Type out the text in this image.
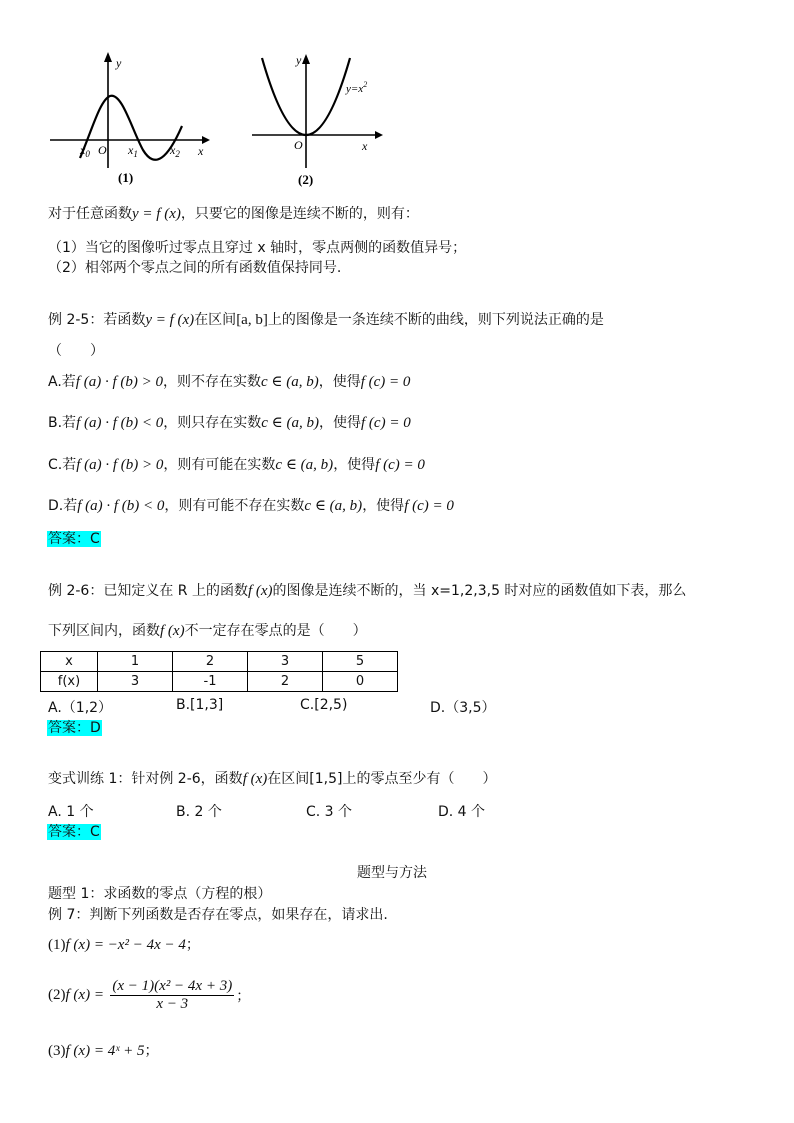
y
x
$x_0$ O $x_1$	$x_2$
(1)
y
x
O
$y=x^2$
(2)
对于任意函数y = f (x)，只要它的图像是连续不断的，则有：
（1）当它的图像听过零点且穿过 x 轴时，零点两侧的函数值异号；
（2）相邻两个零点之间的所有函数值保持同号.
例 2-5：若函数y = f (x)在区间[a, b]上的图像是一条连续不断的曲线，则下列说法正确的是
（　　）
A.若f (a) · f (b) > 0，则不存在实数c ∈ (a, b)，使得f (c) = 0
B.若f (a) · f (b) < 0，则只存在实数c ∈ (a, b)，使得f (c) = 0
C.若f (a) · f (b) > 0，则有可能在实数c ∈ (a, b)，使得f (c) = 0
D.若f (a) · f (b) < 0，则有可能不存在实数c ∈ (a, b)，使得f (c) = 0
答案：C
例 2-6：已知定义在 R 上的函数f (x)的图像是连续不断的，当 x=1,2,3,5 时对应的函数值如下表，那么
下列区间内，函数f (x)不一定存在零点的是（　　）
x	1	2	3	5
f(x)	3	-1	2	0
A.（1,2）	B.[1,3]	C.[2,5)	D.（3,5）
答案：D
变式训练 1：针对例 2-6，函数f (x)在区间[1,5]上的零点至少有（　　）
A. 1 个	B. 2 个	C. 3 个	D. 4 个
答案：C
题型与方法
题型 1：求函数的零点（方程的根）
例 7：判断下列函数是否存在零点，如果存在，请求出.
(1)f (x) = −x² − 4x − 4；
(2)f $(x) = \frac{\text{(x − 1)(x² − 4x + 3)}}{x - 3}$ ；
(3)f (x) = 4ˣ + 5；
